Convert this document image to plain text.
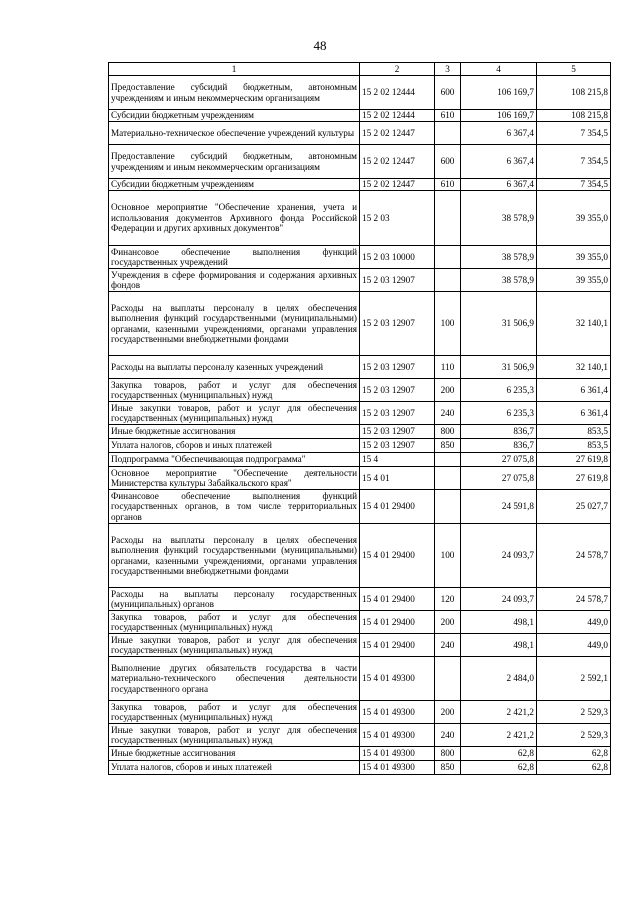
48
1	2	3	4	5
Предоставление субсидий бюджетным, автономным учреждениям и иным некоммерческим организациям	15 2 02 12444	600	106 169,7	108 215,8
Субсидии бюджетным учреждениям	15 2 02 12444	610	106 169,7	108 215,8
Материально-техническое обеспечение учреждений культуры	15 2 02 12447		6 367,4	7 354,5
Предоставление субсидий бюджетным, автономным учреждениям и иным некоммерческим организациям	15 2 02 12447	600	6 367,4	7 354,5
Субсидии бюджетным учреждениям	15 2 02 12447	610	6 367,4	7 354,5
Основное мероприятие "Обеспечение хранения, учета и использования документов Архивного фонда Российской Федерации и других архивных документов"	15 2 03		38 578,9	39 355,0
Финансовое обеспечение выполнения функций государственных учреждений	15 2 03 10000		38 578,9	39 355,0
Учреждения в сфере формирования и содержания архивных фондов	15 2 03 12907		38 578,9	39 355,0
Расходы на выплаты персоналу в целях обеспечения выполнения функций государственными (муниципальными) органами, казенными учреждениями, органами управления государственными внебюджетными фондами	15 2 03 12907	100	31 506,9	32 140,1
Расходы на выплаты персоналу казенных учреждений	15 2 03 12907	110	31 506,9	32 140,1
Закупка товаров, работ и услуг для обеспечения государственных (муниципальных) нужд	15 2 03 12907	200	6 235,3	6 361,4
Иные закупки товаров, работ и услуг для обеспечения государственных (муниципальных) нужд	15 2 03 12907	240	6 235,3	6 361,4
Иные бюджетные ассигнования	15 2 03 12907	800	836,7	853,5
Уплата налогов, сборов и иных платежей	15 2 03 12907	850	836,7	853,5
Подпрограмма "Обеспечивающая подпрограмма"	15 4		27 075,8	27 619,8
Основное мероприятие "Обеспечение деятельности Министерства культуры Забайкальского края"	15 4 01		27 075,8	27 619,8
Финансовое обеспечение выполнения функций государственных органов, в том числе территориальных органов	15 4 01 29400		24 591,8	25 027,7
Расходы на выплаты персоналу в целях обеспечения выполнения функций государственными (муниципальными) органами, казенными учреждениями, органами управления государственными внебюджетными фондами	15 4 01 29400	100	24 093,7	24 578,7
Расходы на выплаты персоналу государственных (муниципальных) органов	15 4 01 29400	120	24 093,7	24 578,7
Закупка товаров, работ и услуг для обеспечения государственных (муниципальных) нужд	15 4 01 29400	200	498,1	449,0
Иные закупки товаров, работ и услуг для обеспечения государственных (муниципальных) нужд	15 4 01 29400	240	498,1	449,0
Выполнение других обязательств государства в части материально-технического обеспечения деятельности государственного органа	15 4 01 49300		2 484,0	2 592,1
Закупка товаров, работ и услуг для обеспечения государственных (муниципальных) нужд	15 4 01 49300	200	2 421,2	2 529,3
Иные закупки товаров, работ и услуг для обеспечения государственных (муниципальных) нужд	15 4 01 49300	240	2 421,2	2 529,3
Иные бюджетные ассигнования	15 4 01 49300	800	62,8	62,8
Уплата налогов, сборов и иных платежей	15 4 01 49300	850	62,8	62,8
